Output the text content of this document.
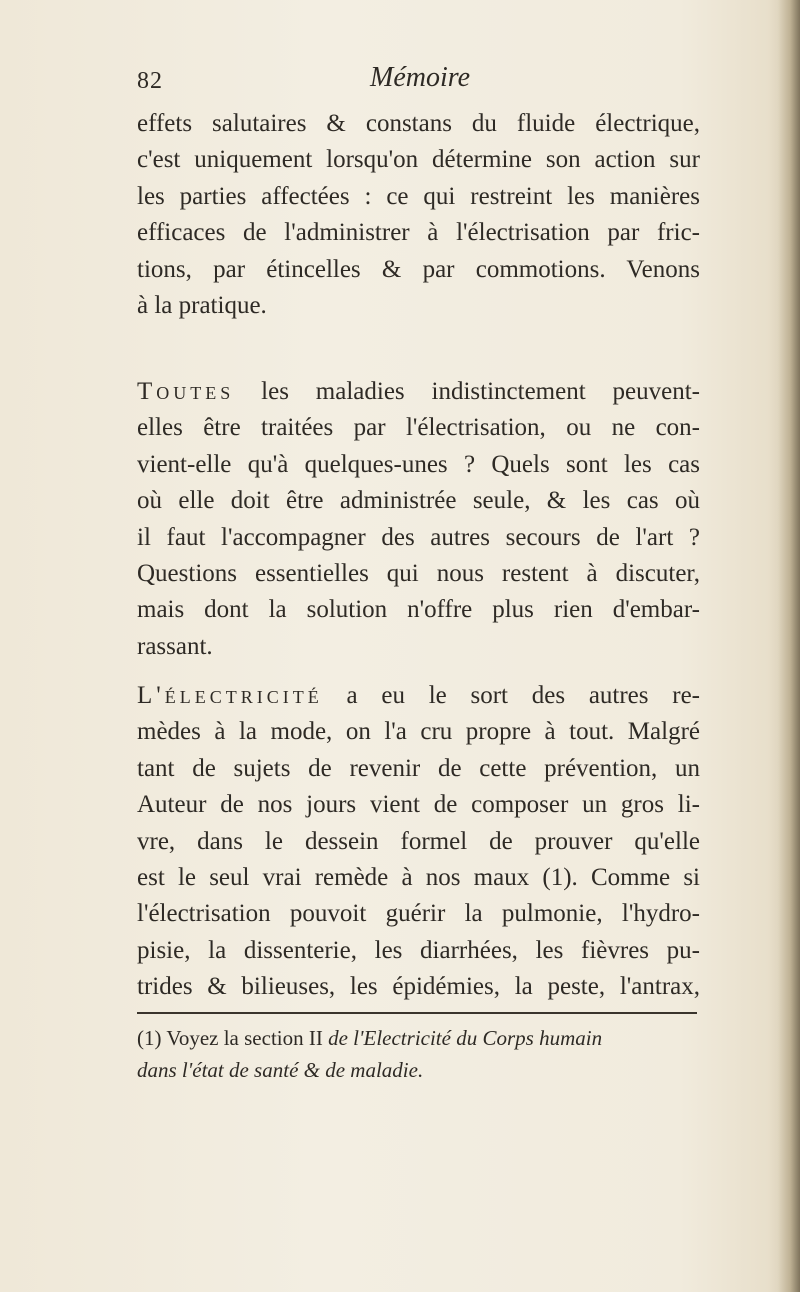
82	Mémoire
effets salutaires & constans du fluide électrique,
c'est uniquement lorsqu'on détermine son action sur
les parties affectées : ce qui restreint les manières
efficaces de l'administrer à l'électrisation par fric-
tions, par étincelles & par commotions. Venons
à la pratique.
Toutes les maladies indistinctement peuvent-
elles être traitées par l'électrisation, ou ne con-
vient-elle qu'à quelques-unes ? Quels sont les cas
où elle doit être administrée seule, & les cas où
il faut l'accompagner des autres secours de l'art ?
Questions essentielles qui nous restent à discuter,
mais dont la solution n'offre plus rien d'embar-
rassant.
L'électricité a eu le sort des autres re-
mèdes à la mode, on l'a cru propre à tout. Malgré
tant de sujets de revenir de cette prévention, un
Auteur de nos jours vient de composer un gros li-
vre, dans le dessein formel de prouver qu'elle
est le seul vrai remède à nos maux (1). Comme si
l'électrisation pouvoit guérir la pulmonie, l'hydro-
pisie, la dissenterie, les diarrhées, les fièvres pu-
trides & bilieuses, les épidémies, la peste, l'antrax,
(1) Voyez la section II de l'Electricité du Corps humain
dans l'état de santé & de maladie.
